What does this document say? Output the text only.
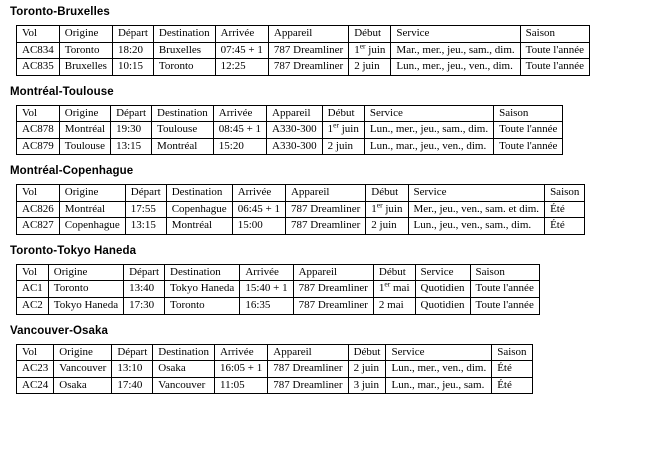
Toronto-Bruxelles
Vol	Origine	Départ	Destination	Arrivée	Appareil	Début	Service	Saison
AC834	Toronto	18:20	Bruxelles	07:45 + 1	787 Dreamliner	1er juin	Mar., mer., jeu., sam., dim.	Toute l'année
AC835	Bruxelles	10:15	Toronto	12:25	787 Dreamliner	2 juin	Lun., mer., jeu., ven., dim.	Toute l'année
Montréal-Toulouse
Vol	Origine	Départ	Destination	Arrivée	Appareil	Début	Service	Saison
AC878	Montréal	19:30	Toulouse	08:45 + 1	A330-300	1er juin	Lun., mer., jeu., sam., dim.	Toute l'année
AC879	Toulouse	13:15	Montréal	15:20	A330-300	2 juin	Lun., mar., jeu., ven., dim.	Toute l'année
Montréal-Copenhague
Vol	Origine	Départ	Destination	Arrivée	Appareil	Début	Service	Saison
AC826	Montréal	17:55	Copenhague	06:45 + 1	787 Dreamliner	1er juin	Mer., jeu., ven., sam. et dim.	Été
AC827	Copenhague	13:15	Montréal	15:00	787 Dreamliner	2 juin	Lun., jeu., ven., sam., dim.	Été
Toronto-Tokyo Haneda
Vol	Origine	Départ	Destination	Arrivée	Appareil	Début	Service	Saison
AC1	Toronto	13:40	Tokyo Haneda	15:40 + 1	787 Dreamliner	1er mai	Quotidien	Toute l'année
AC2	Tokyo Haneda	17:30	Toronto	16:35	787 Dreamliner	2 mai	Quotidien	Toute l'année
Vancouver-Osaka
Vol	Origine	Départ	Destination	Arrivée	Appareil	Début	Service	Saison
AC23	Vancouver	13:10	Osaka	16:05 + 1	787 Dreamliner	2 juin	Lun., mer., ven., dim.	Été
AC24	Osaka	17:40	Vancouver	11:05	787 Dreamliner	3 juin	Lun., mar., jeu., sam.	Été
